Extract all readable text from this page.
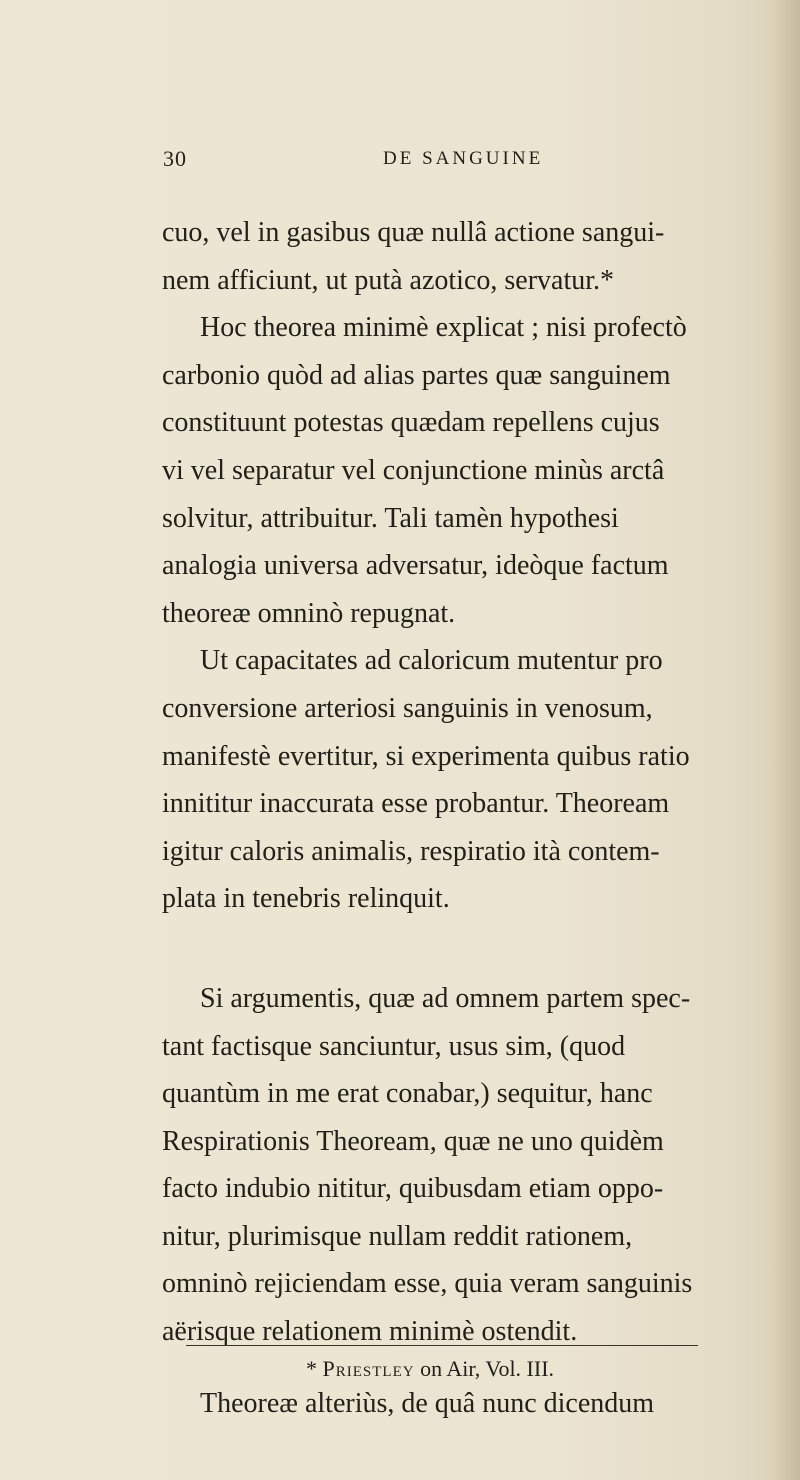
30	DE SANGUINE
cuo, vel in gasibus quæ nullâ actione sangui-
nem afficiunt, ut putà azotico, servatur.*
Hoc theorea minimè explicat ; nisi profectò
carbonio quòd ad alias partes quæ sanguinem
constituunt potestas quædam repellens cujus
vi vel separatur vel conjunctione minùs arctâ
solvitur, attribuitur. Tali tamèn hypothesi
analogia universa adversatur, ideòque factum
theoreæ omninò repugnat.
Ut capacitates ad caloricum mutentur pro
conversione arteriosi sanguinis in venosum,
manifestè evertitur, si experimenta quibus ratio
innititur inaccurata esse probantur. Theoream
igitur caloris animalis, respiratio ità contem-
plata in tenebris relinquit.
Si argumentis, quæ ad omnem partem spec-
tant factisque sanciuntur, usus sim, (quod
quantùm in me erat conabar,) sequitur, hanc
Respirationis Theoream, quæ ne uno quidèm
facto indubio nititur, quibusdam etiam oppo-
nitur, plurimisque nullam reddit rationem,
omninò rejiciendam esse, quia veram sanguinis
aërisque relationem minimè ostendit.
Theoreæ alteriùs, de quâ nunc dicendum
* Priestley on Air, Vol. III.
